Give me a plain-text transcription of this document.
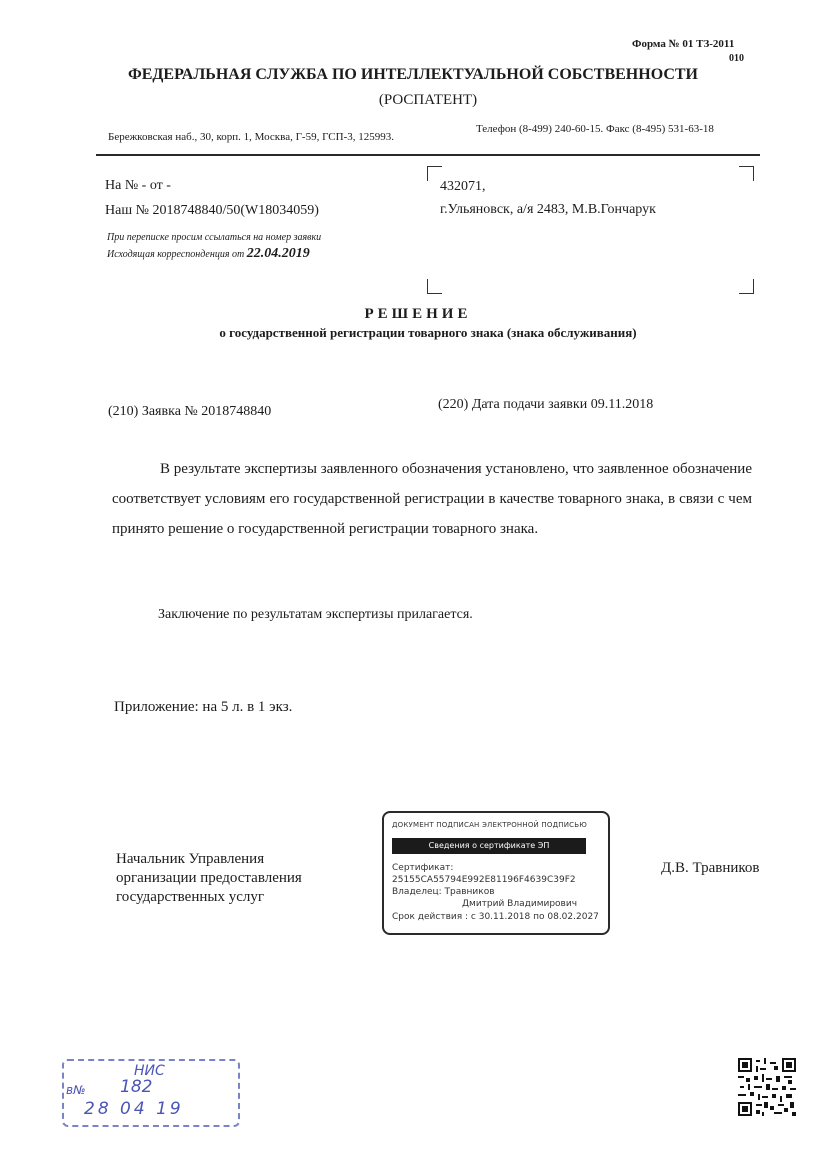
Форма № 01 ТЗ-2011
010
ФЕДЕРАЛЬНАЯ СЛУЖБА ПО ИНТЕЛЛЕКТУАЛЬНОЙ СОБСТВЕННОСТИ
(РОСПАТЕНТ)
Бережковская наб., 30, корп. 1, Москва, Г-59, ГСП-3, 125993.
Телефон (8-499) 240-60-15. Факс (8-495) 531-63-18
На № - от -
Наш № 2018748840/50(W18034059)
При переписке просим ссылаться на номер заявки
Исходящая корреспонденция от 22.04.2019
432071,
г.Ульяновск, а/я 2483, М.В.Гончарук
РЕШЕНИЕ
о государственной регистрации товарного знака (знака обслуживания)
(210) Заявка № 2018748840	(220) Дата подачи заявки 09.11.2018
В результате экспертизы заявленного обозначения установлено, что заявленное обозначение соответствует условиям его государственной регистрации в качестве товарного знака, в связи с чем принято решение о государственной регистрации товарного знака.
Заключение по результатам экспертизы прилагается.
Приложение: на 5 л. в 1 экз.
Начальник Управления
организации предоставления
государственных услуг
Д.В. Травников
ДОКУМЕНТ ПОДПИСАН ЭЛЕКТРОННОЙ ПОДПИСЬЮ
Сведения о сертификате ЭП
Сертификат:
25155CA55794E992E81196F4639C39F2
Владелец: Травников
Дмитрий Владимирович
Срок действия : с 30.11.2018 по 08.02.2027
НИС
в№ 182
28 04 19
